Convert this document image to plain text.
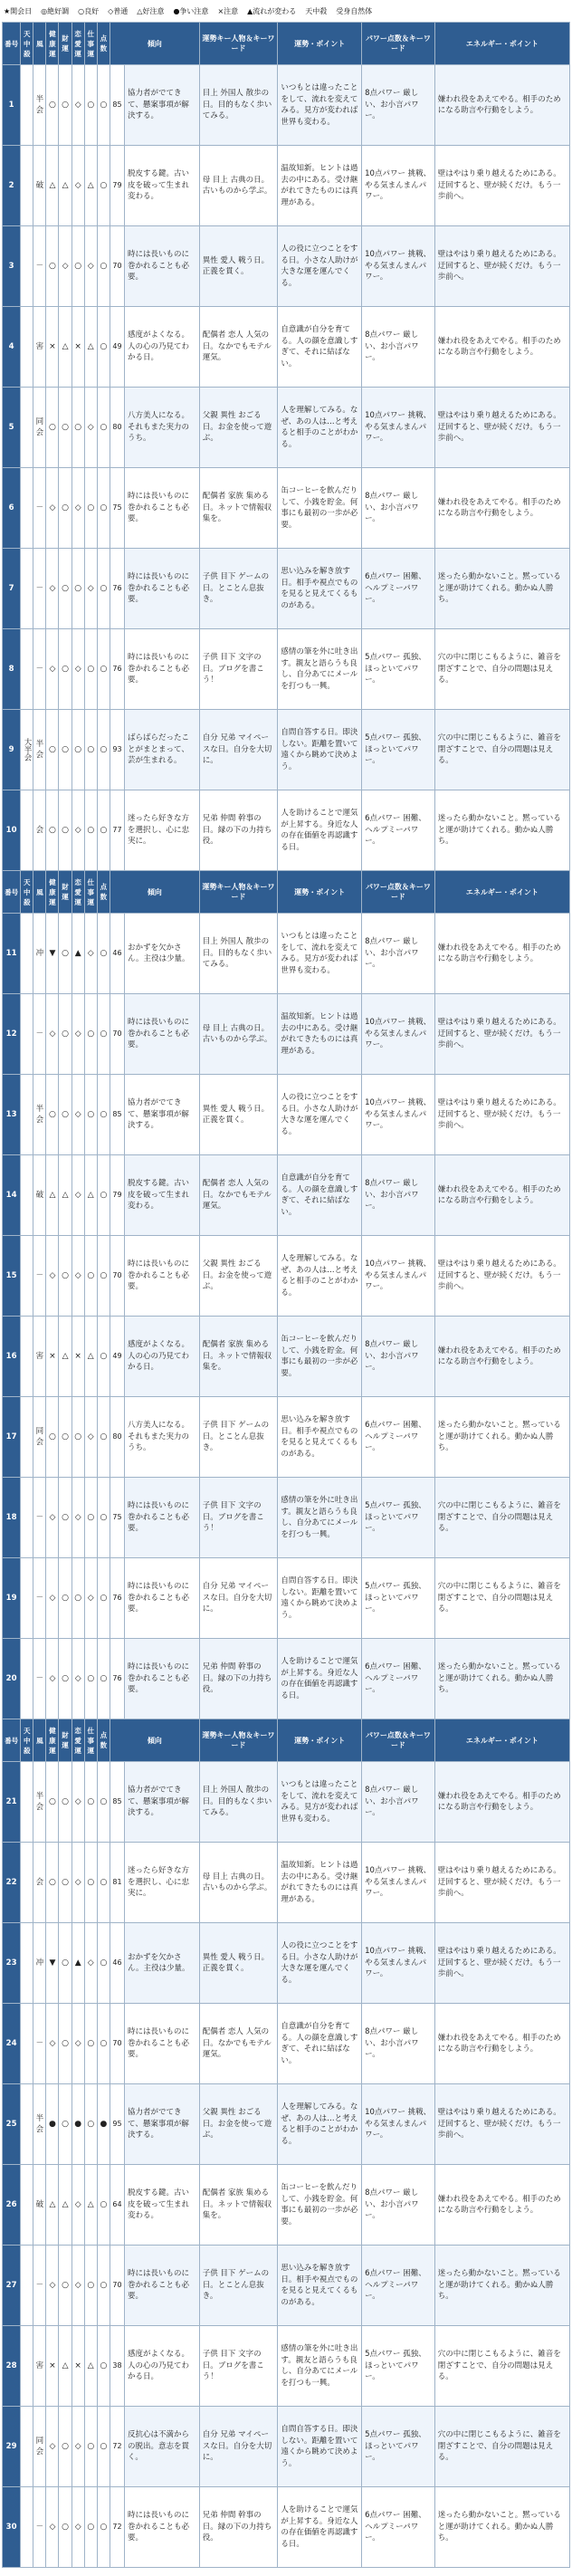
★開会日 ◎絶好調 ○良好 ◇普通 △好注意 ●争い注意 ×注意 ▲流れが変わる 天中殺 受身自然体
番号	天中殺	風	健康運	財運	恋愛運	仕事運	点数	傾向		運勢キー人物＆キーワード	運勢・ポイント	パワー点数＆キーワード	エネルギー・ポイント
1		半会	○	○	◇	○	○	85	協力者がでてきて、懸案事項が解決する。	目上 外国人 散歩の日。目的もなく歩いてみる。	いつもとは違ったことをして、流れを変えてみる。見方が変われば世界も変わる。	8点パワー 厳しい、お小言パワー。	嫌われ役をあえてやる。相手のためになる助言や行動をしよう。
2		破	△	△	◇	△	○	79	脱皮する鍵。古い皮を破って生まれ変わる。	母 目上 古典の日。古いものから学ぶ。	温故知新。ヒントは過去の中にある。受け継がれてきたものには真理がある。	10点パワー 挑戦、やる気まんまんパワー。	壁はやはり乗り越えるためにある。迂回すると、壁が続くだけ。もう一歩前へ。
3		－	○	◇	○	◇	○	70	時には長いものに巻かれることも必要。	異性 愛人 戦う日。正義を貫く。	人の役に立つことをする日。小さな人助けが大きな運を運んでくる。	10点パワー 挑戦、やる気まんまんパワー。	壁はやはり乗り越えるためにある。迂回すると、壁が続くだけ。もう一歩前へ。
4		害	×	△	×	△	○	49	感度がよくなる。人の心の乃見てわかる日。	配偶者 恋人 人気の日。なかでもモテル運気。	自意識が自分を育てる。人の顔を意識しすぎて、それに結ばない。	8点パワー 厳しい、お小言パワー。	嫌われ役をあえてやる。相手のためになる助言や行動をしよう。
5		同会	○	○	○	◇	○	80	八方美人になる。それもまた実力のうち。	父親 異性 おごる日。お金を使って遊ぶ。	人を理解してみる。なぜ、あの人は…と考えると相手のことがわかる。	10点パワー 挑戦、やる気まんまんパワー。	壁はやはり乗り越えるためにある。迂回すると、壁が続くだけ。もう一歩前へ。
6		－	◇	○	◇	○	○	75	時には長いものに巻かれることも必要。	配偶者 家族 集める日。ネットで情報収集を。	缶コーヒーを飲んだりして、小銭を貯金。何事にも最初の一歩が必要。	8点パワー 厳しい、お小言パワー。	嫌われ役をあえてやる。相手のためになる助言や行動をしよう。
7		－	◇	○	○	◇	○	76	時には長いものに巻かれることも必要。	子供 目下 ゲームの日。とことん息抜き。	思い込みを解き放す日。相手や視点でものを見ると見えてくるものがある。	6点パワー 困難、ヘルプミーパワー。	迷ったら動かないこと。黙っていると運が助けてくれる。動かぬ人勝ち。
8		－	◇	○	◇	○	○	76	時には長いものに巻かれることも必要。	子供 目下 文字の日。ブログを書こう！	感情の筆を外に吐き出す。親友と語らうも良し、自分あてにメールを打つも一興。	5点パワー 孤独、ほっといてパワー。	穴の中に閉じこもるように、雑音を閉ざすことで、自分の問題は見える。
9	大半会	半会	○	○	○	○	○	93	ばらばらだったことがまとまって、芸が生まれる。	自分 兄弟 マイペースな日。自分を大切に。	自問自答する日。即決しない。距離を置いて遠くから眺めて決めよう。	5点パワー 孤独、ほっといてパワー。	穴の中に閉じこもるように、雑音を閉ざすことで、自分の問題は見える。
10		会	○	○	◇	○	○	77	迷ったら好きな方を選択し、心に忠実に。	兄弟 仲間 幹事の日。縁の下の力持ち役。	人を助けることで運気が上昇する。身近な人の存在価値を再認識する日。	6点パワー 困難、ヘルプミーパワー。	迷ったら動かないこと。黙っていると運が助けてくれる。動かぬ人勝ち。
番号	天中殺	風	健康運	財運	恋愛運	仕事運	点数	傾向		運勢キー人物＆キーワード	運勢・ポイント	パワー点数＆キーワード	エネルギー・ポイント
11		冲	▼	○	▲	◇	○	46	おかずを欠かさん。主役は少量。	目上 外国人 散歩の日。目的もなく歩いてみる。	いつもとは違ったことをして、流れを変えてみる。見方が変われば世界も変わる。	8点パワー 厳しい、お小言パワー。	嫌われ役をあえてやる。相手のためになる助言や行動をしよう。
12		－	◇	○	◇	○	○	70	時には長いものに巻かれることも必要。	母 目上 古典の日。古いものから学ぶ。	温故知新。ヒントは過去の中にある。受け継がれてきたものには真理がある。	10点パワー 挑戦、やる気まんまんパワー。	壁はやはり乗り越えるためにある。迂回すると、壁が続くだけ。もう一歩前へ。
13		半会	○	○	◇	○	○	85	協力者がでてきて、懸案事項が解決する。	異性 愛人 戦う日。正義を貫く。	人の役に立つことをする日。小さな人助けが大きな運を運んでくる。	10点パワー 挑戦、やる気まんまんパワー。	壁はやはり乗り越えるためにある。迂回すると、壁が続くだけ。もう一歩前へ。
14		破	△	△	◇	△	○	79	脱皮する鍵。古い皮を破って生まれ変わる。	配偶者 恋人 人気の日。なかでもモテル運気。	自意識が自分を育てる。人の顔を意識しすぎて、それに結ばない。	8点パワー 厳しい、お小言パワー。	嫌われ役をあえてやる。相手のためになる助言や行動をしよう。
15		－	◇	○	◇	○	○	70	時には長いものに巻かれることも必要。	父親 異性 おごる日。お金を使って遊ぶ。	人を理解してみる。なぜ、あの人は…と考えると相手のことがわかる。	10点パワー 挑戦、やる気まんまんパワー。	壁はやはり乗り越えるためにある。迂回すると、壁が続くだけ。もう一歩前へ。
16		害	×	△	×	△	○	49	感度がよくなる。人の心の乃見てわかる日。	配偶者 家族 集める日。ネットで情報収集を。	缶コーヒーを飲んだりして、小銭を貯金。何事にも最初の一歩が必要。	8点パワー 厳しい、お小言パワー。	嫌われ役をあえてやる。相手のためになる助言や行動をしよう。
17		同会	○	○	○	◇	○	80	八方美人になる。それもまた実力のうち。	子供 目下 ゲームの日。とことん息抜き。	思い込みを解き放す日。相手や視点でものを見ると見えてくるものがある。	6点パワー 困難、ヘルプミーパワー。	迷ったら動かないこと。黙っていると運が助けてくれる。動かぬ人勝ち。
18		－	◇	○	◇	○	○	75	時には長いものに巻かれることも必要。	子供 目下 文字の日。ブログを書こう！	感情の筆を外に吐き出す。親友と語らうも良し、自分あてにメールを打つも一興。	5点パワー 孤独、ほっといてパワー。	穴の中に閉じこもるように、雑音を閉ざすことで、自分の問題は見える。
19		－	◇	○	○	◇	○	76	時には長いものに巻かれることも必要。	自分 兄弟 マイペースな日。自分を大切に。	自問自答する日。即決しない。距離を置いて遠くから眺めて決めよう。	5点パワー 孤独、ほっといてパワー。	穴の中に閉じこもるように、雑音を閉ざすことで、自分の問題は見える。
20		－	◇	○	◇	○	○	76	時には長いものに巻かれることも必要。	兄弟 仲間 幹事の日。縁の下の力持ち役。	人を助けることで運気が上昇する。身近な人の存在価値を再認識する日。	6点パワー 困難、ヘルプミーパワー。	迷ったら動かないこと。黙っていると運が助けてくれる。動かぬ人勝ち。
番号	天中殺	風	健康運	財運	恋愛運	仕事運	点数	傾向		運勢キー人物＆キーワード	運勢・ポイント	パワー点数＆キーワード	エネルギー・ポイント
21		半会	○	○	◇	○	○	85	協力者がでてきて、懸案事項が解決する。	目上 外国人 散歩の日。目的もなく歩いてみる。	いつもとは違ったことをして、流れを変えてみる。見方が変われば世界も変わる。	8点パワー 厳しい、お小言パワー。	嫌われ役をあえてやる。相手のためになる助言や行動をしよう。
22		会	○	○	◇	○	○	81	迷ったら好きな方を選択し、心に忠実に。	母 目上 古典の日。古いものから学ぶ。	温故知新。ヒントは過去の中にある。受け継がれてきたものには真理がある。	10点パワー 挑戦、やる気まんまんパワー。	壁はやはり乗り越えるためにある。迂回すると、壁が続くだけ。もう一歩前へ。
23		冲	▼	○	▲	◇	○	46	おかずを欠かさん。主役は少量。	異性 愛人 戦う日。正義を貫く。	人の役に立つことをする日。小さな人助けが大きな運を運んでくる。	10点パワー 挑戦、やる気まんまんパワー。	壁はやはり乗り越えるためにある。迂回すると、壁が続くだけ。もう一歩前へ。
24		－	◇	○	◇	○	○	70	時には長いものに巻かれることも必要。	配偶者 恋人 人気の日。なかでもモテル運気。	自意識が自分を育てる。人の顔を意識しすぎて、それに結ばない。	8点パワー 厳しい、お小言パワー。	嫌われ役をあえてやる。相手のためになる助言や行動をしよう。
25		半会	●	○	●	○	●	95	協力者がでてきて、懸案事項が解決する。	父親 異性 おごる日。お金を使って遊ぶ。	人を理解してみる。なぜ、あの人は…と考えると相手のことがわかる。	10点パワー 挑戦、やる気まんまんパワー。	壁はやはり乗り越えるためにある。迂回すると、壁が続くだけ。もう一歩前へ。
26		破	△	△	◇	△	○	64	脱皮する鍵。古い皮を破って生まれ変わる。	配偶者 家族 集める日。ネットで情報収集を。	缶コーヒーを飲んだりして、小銭を貯金。何事にも最初の一歩が必要。	8点パワー 厳しい、お小言パワー。	嫌われ役をあえてやる。相手のためになる助言や行動をしよう。
27		－	◇	○	◇	○	○	70	時には長いものに巻かれることも必要。	子供 目下 ゲームの日。とことん息抜き。	思い込みを解き放す日。相手や視点でものを見ると見えてくるものがある。	6点パワー 困難、ヘルプミーパワー。	迷ったら動かないこと。黙っていると運が助けてくれる。動かぬ人勝ち。
28		害	×	△	×	△	○	38	感度がよくなる。人の心の乃見てわかる日。	子供 目下 文字の日。ブログを書こう！	感情の筆を外に吐き出す。親友と語らうも良し、自分あてにメールを打つも一興。	5点パワー 孤独、ほっといてパワー。	穴の中に閉じこもるように、雑音を閉ざすことで、自分の問題は見える。
29		同会	◇	○	◇	○	○	72	反抗心は不満からの脱出。意志を貫く。	自分 兄弟 マイペースな日。自分を大切に。	自問自答する日。即決しない。距離を置いて遠くから眺めて決めよう。	5点パワー 孤独、ほっといてパワー。	穴の中に閉じこもるように、雑音を閉ざすことで、自分の問題は見える。
30		－	◇	○	◇	○	○	72	時には長いものに巻かれることも必要。	兄弟 仲間 幹事の日。縁の下の力持ち役。	人を助けることで運気が上昇する。身近な人の存在価値を再認識する日。	6点パワー 困難、ヘルプミーパワー。	迷ったら動かないこと。黙っていると運が助けてくれる。動かぬ人勝ち。
